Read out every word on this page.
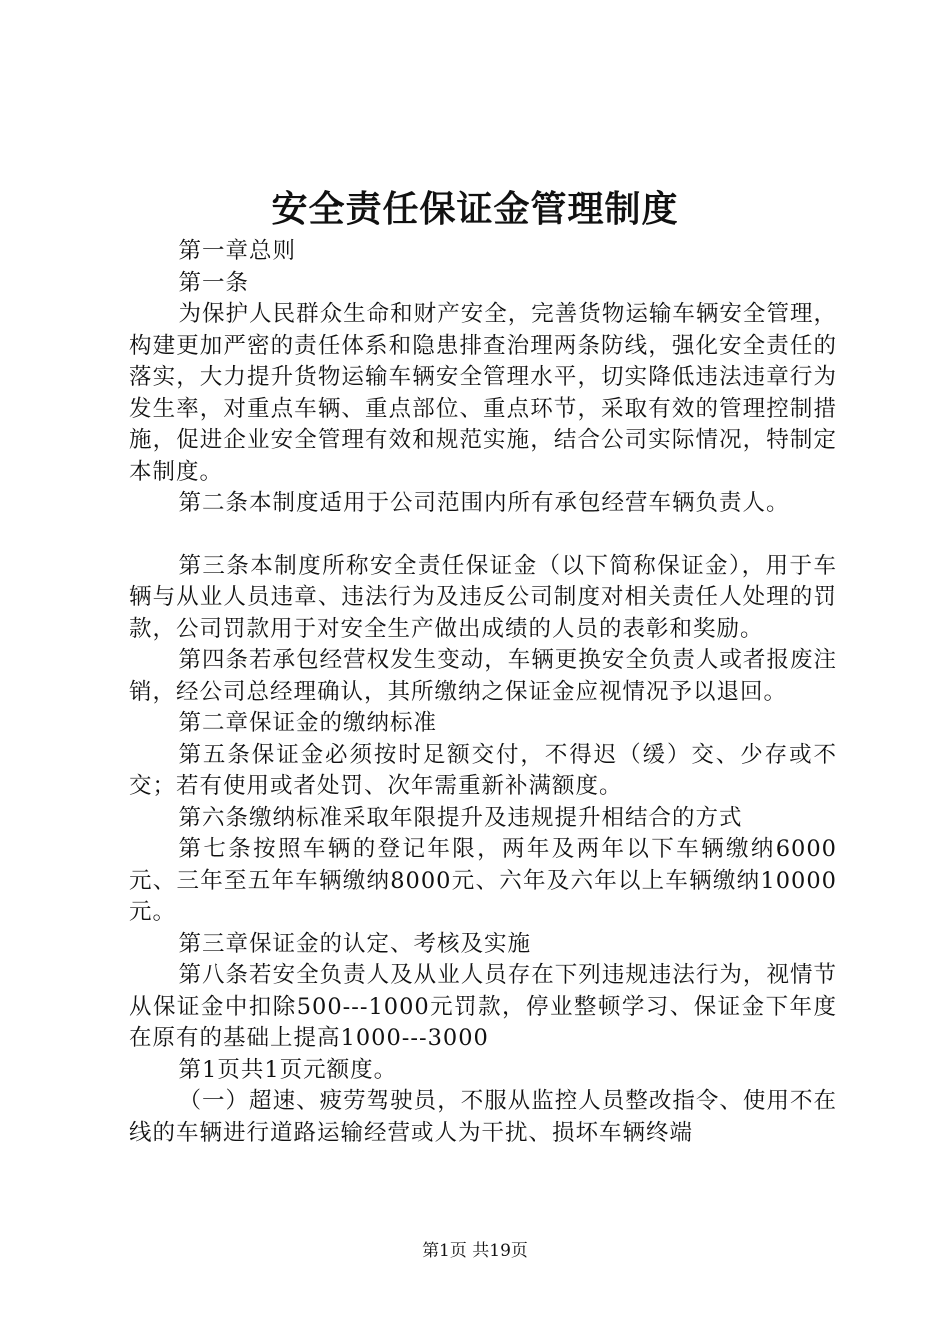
安全责任保证金管理制度

第一章总则

第一条

为保护人民群众生命和财产安全，完善货物运输车辆安全管理，构建更加严密的责任体系和隐患排查治理两条防线，强化安全责任的落实，大力提升货物运输车辆安全管理水平，切实降低违法违章行为发生率，对重点车辆、重点部位、重点环节，采取有效的管理控制措施，促进企业安全管理有效和规范实施，结合公司实际情况，特制定本制度。

第二条本制度适用于公司范围内所有承包经营车辆负责人。

第三条本制度所称安全责任保证金（以下简称保证金），用于车辆与从业人员违章、违法行为及违反公司制度对相关责任人处理的罚款，公司罚款用于对安全生产做出成绩的人员的表彰和奖励。

第四条若承包经营权发生变动，车辆更换安全负责人或者报废注销，经公司总经理确认，其所缴纳之保证金应视情况予以退回。

第二章保证金的缴纳标准

第五条保证金必须按时足额交付，不得迟（缓）交、少存或不交；若有使用或者处罚、次年需重新补满额度。

第六条缴纳标准采取年限提升及违规提升相结合的方式

第七条按照车辆的登记年限，两年及两年以下车辆缴纳6000元、三年至五年车辆缴纳8000元、六年及六年以上车辆缴纳10000元。

第三章保证金的认定、考核及实施

第八条若安全负责人及从业人员存在下列违规违法行为，视情节从保证金中扣除500---1000元罚款，停业整顿学习、保证金下年度在原有的基础上提高1000---3000

第1页共1页元额度。

（一）超速、疲劳驾驶员，不服从监控人员整改指令、使用不在线的车辆进行道路运输经营或人为干扰、损坏车辆终端

第1页 共19页
